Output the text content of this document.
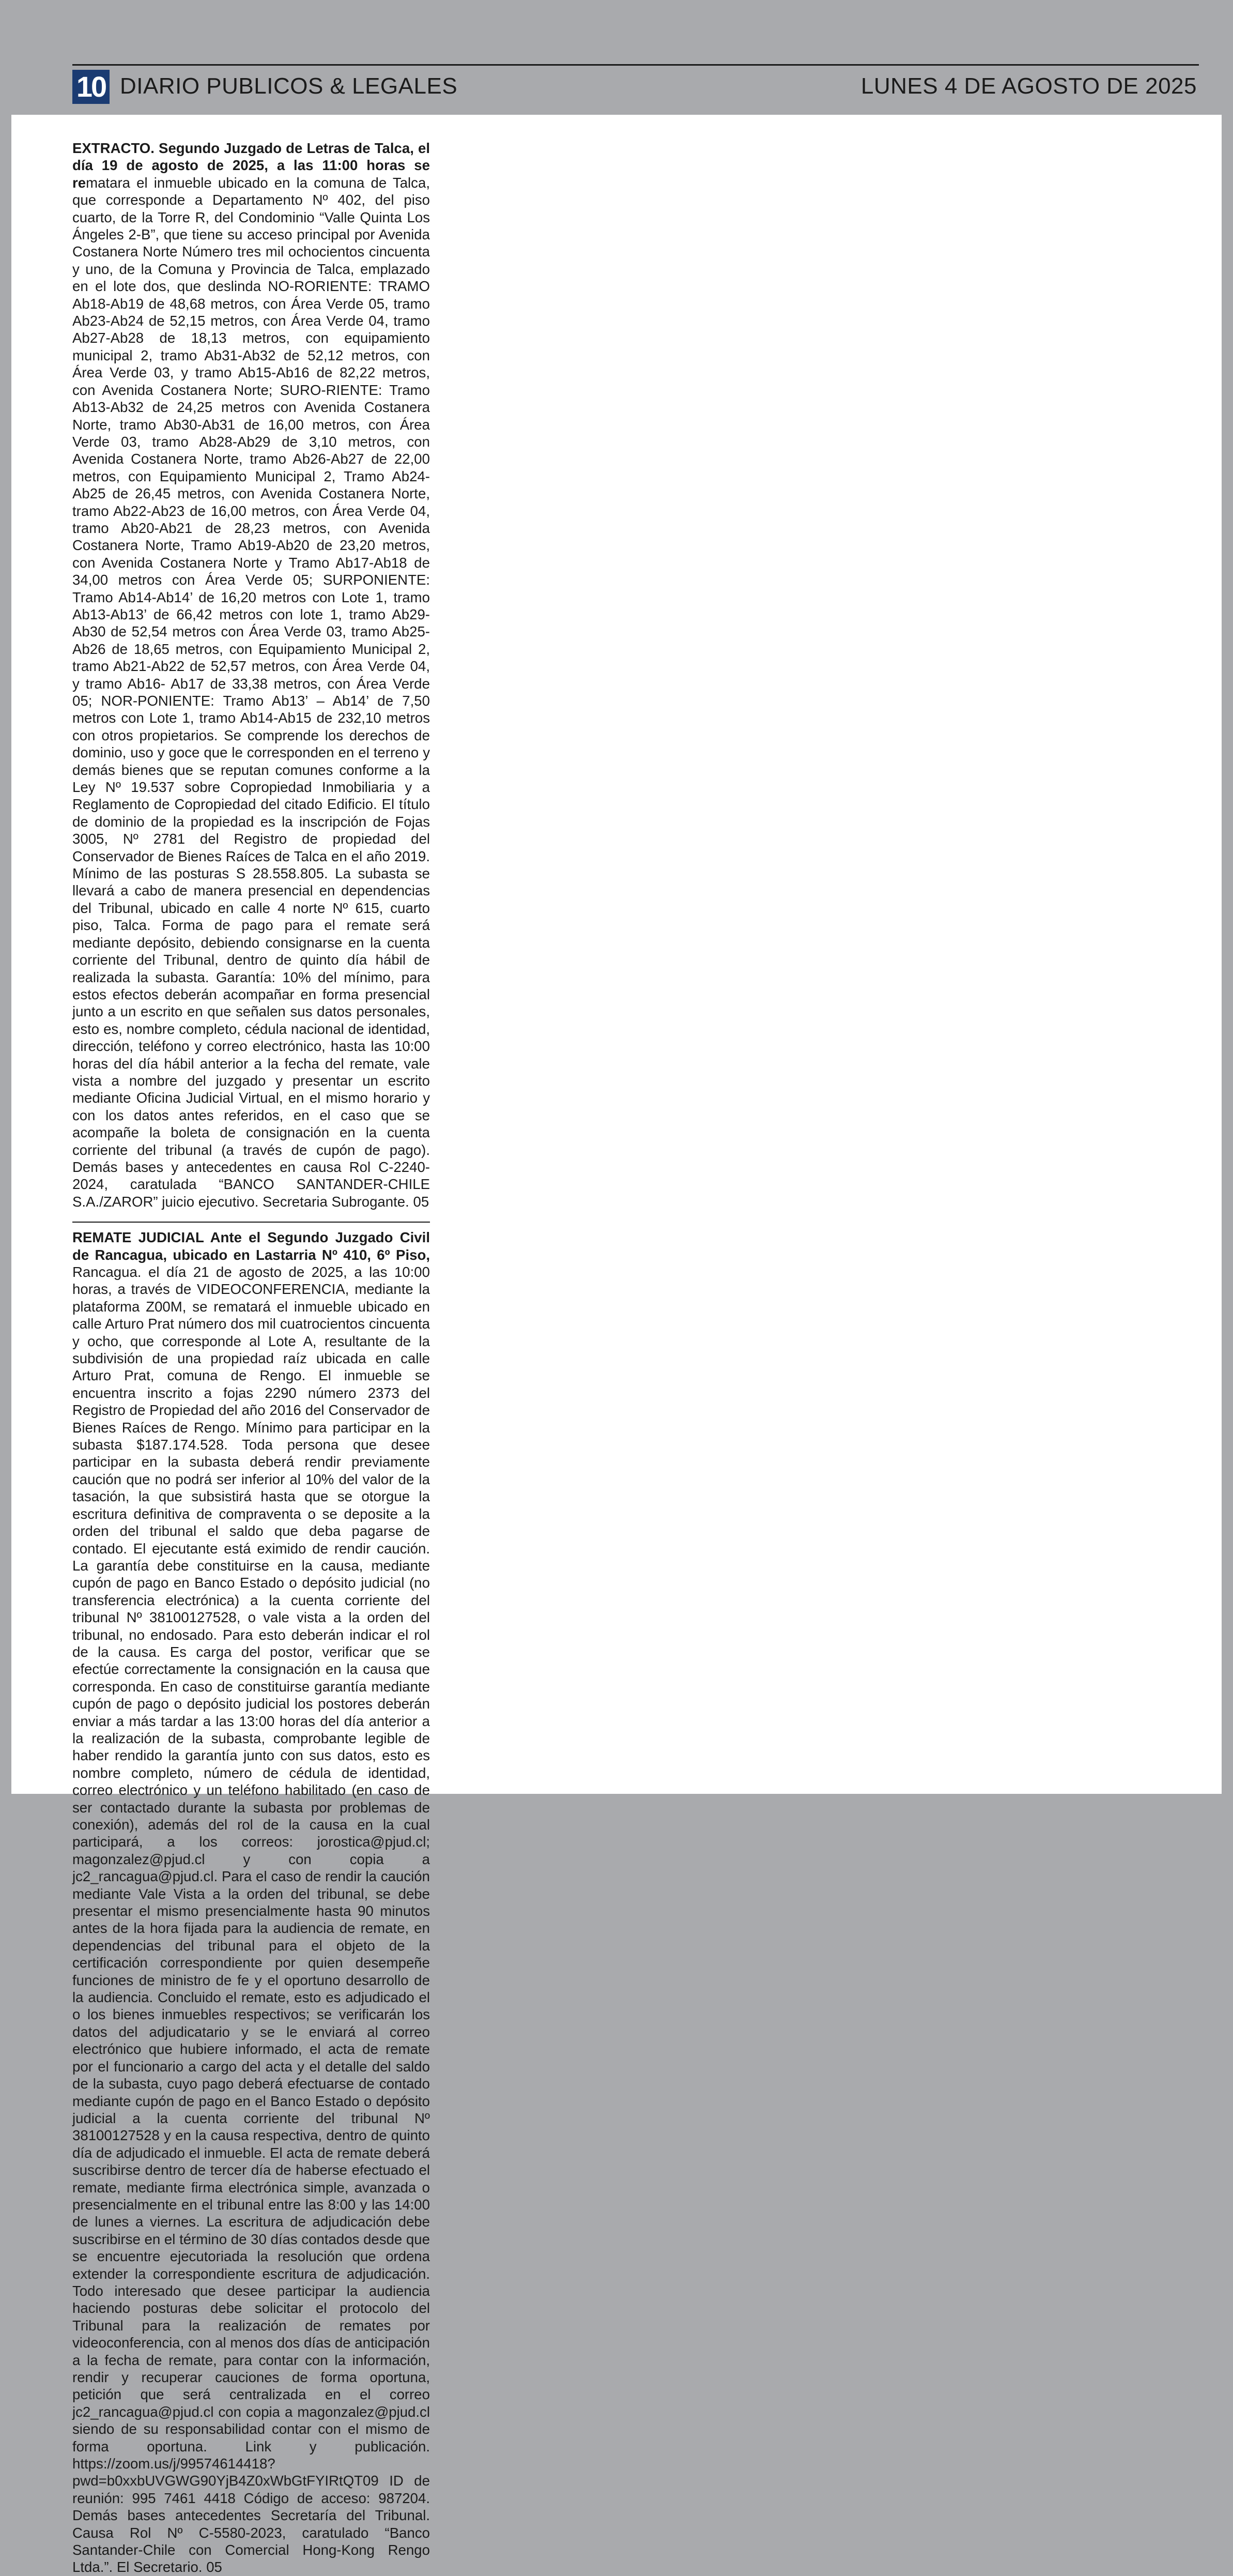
10 DIARIO PUBLICOS & LEGALES	LUNES 4 DE AGOSTO DE 2025

EXTRACTO. Segundo Juzgado de Letras de Talca, el día 19 de agosto de 2025, a las 11:00 horas se rematara el inmueble ubicado en la comuna de Talca, que corresponde a Departamento Nº 402, del piso cuarto, de la Torre R, del Condominio “Valle Quinta Los Ángeles 2-B”, que tiene su acceso principal por Avenida Costanera Norte Número tres mil ochocientos cincuenta y uno, de la Comuna y Provincia de Talca, emplazado en el lote dos, que deslinda NO-RORIENTE: TRAMO Ab18-Ab19 de 48,68 metros, con Área Verde 05, tramo Ab23-Ab24 de 52,15 metros, con Área Verde 04, tramo Ab27-Ab28 de 18,13 metros, con equipamiento municipal 2, tramo Ab31-Ab32 de 52,12 metros, con Área Verde 03, y tramo Ab15-Ab16 de 82,22 metros, con Avenida Costanera Norte; SURO-RIENTE: Tramo Ab13-Ab32 de 24,25 metros con Avenida Costanera Norte, tramo Ab30-Ab31 de 16,00 metros, con Área Verde 03, tramo Ab28-Ab29 de 3,10 metros, con Avenida Costanera Norte, tramo Ab26-Ab27 de 22,00 metros, con Equipamiento Municipal 2, Tramo Ab24-Ab25 de 26,45 metros, con Avenida Costanera Norte, tramo Ab22-Ab23 de 16,00 metros, con Área Verde 04, tramo Ab20-Ab21 de 28,23 metros, con Avenida Costanera Norte, Tramo Ab19-Ab20 de 23,20 metros, con Avenida Costanera Norte y Tramo Ab17-Ab18 de 34,00 metros con Área Verde 05; SURPONIENTE: Tramo Ab14-Ab14’ de 16,20 metros con Lote 1, tramo Ab13-Ab13’ de 66,42 metros con lote 1, tramo Ab29-Ab30 de 52,54 metros con Área Verde 03, tramo Ab25-Ab26 de 18,65 metros, con Equipamiento Municipal 2, tramo Ab21-Ab22 de 52,57 metros, con Área Verde 04, y tramo Ab16- Ab17 de 33,38 metros, con Área Verde 05; NOR-PONIENTE: Tramo Ab13’ – Ab14’ de 7,50 metros con Lote 1, tramo Ab14-Ab15 de 232,10 metros con otros propietarios. Se comprende los derechos de dominio, uso y goce que le corresponden en el terreno y demás bienes que se reputan comunes conforme a la Ley Nº 19.537 sobre Copropiedad Inmobiliaria y a Reglamento de Copropiedad del citado Edificio. El título de dominio de la propiedad es la inscripción de Fojas 3005, Nº 2781 del Registro de propiedad del Conservador de Bienes Raíces de Talca en el año 2019. Mínimo de las posturas S 28.558.805. La subasta se llevará a cabo de manera presencial en dependencias del Tribunal, ubicado en calle 4 norte Nº 615, cuarto piso, Talca. Forma de pago para el remate será mediante depósito, debiendo consignarse en la cuenta corriente del Tribunal, dentro de quinto día hábil de realizada la subasta. Garantía: 10% del mínimo, para estos efectos deberán acompañar en forma presencial junto a un escrito en que señalen sus datos personales, esto es, nombre completo, cédula nacional de identidad, dirección, teléfono y correo electrónico, hasta las 10:00 horas del día hábil anterior a la fecha del remate, vale vista a nombre del juzgado y presentar un escrito mediante Oficina Judicial Virtual, en el mismo horario y con los datos antes referidos, en el caso que se acompañe la boleta de consignación en la cuenta corriente del tribunal (a través de cupón de pago). Demás bases y antecedentes en causa Rol C-2240-2024, caratulada “BANCO SANTANDER-CHILE S.A./ZAROR” juicio ejecutivo. Secretaria Subrogante. 05

REMATE JUDICIAL Ante el Segundo Juzgado Civil de Rancagua, ubicado en Lastarria Nº 410, 6º Piso, Rancagua. el día 21 de agosto de 2025, a las 10:00 horas, a través de VIDEOCONFERENCIA, mediante la plataforma Z00M, se rematará el inmueble ubicado en calle Arturo Prat número dos mil cuatrocientos cincuenta y ocho, que corresponde al Lote A, resultante de la subdivisión de una propiedad raíz ubicada en calle Arturo Prat, comuna de Rengo. El inmueble se encuentra inscrito a fojas 2290 número 2373 del Registro de Propiedad del año 2016 del Conservador de Bienes Raíces de Rengo. Mínimo para participar en la subasta $187.174.528. Toda persona que desee participar en la subasta deberá rendir previamente caución que no podrá ser inferior al 10% del valor de la tasación, la que subsistirá hasta que se otorgue la escritura definitiva de compraventa o se deposite a la orden del tribunal el saldo que deba pagarse de contado. El ejecutante está eximido de rendir caución. La garantía debe constituirse en la causa, mediante cupón de pago en Banco Estado o depósito judicial (no transferencia electrónica) a la cuenta corriente del tribunal Nº 38100127528, o vale vista a la orden del tribunal, no endosado. Para esto deberán indicar el rol de la causa. Es carga del postor, verificar que se efectúe correctamente la consignación en la causa que corresponda. En caso de constituirse garantía mediante cupón de pago o depósito judicial los postores deberán enviar a más tardar a las 13:00 horas del día anterior a la realización de la subasta, comprobante legible de haber rendido la garantía junto con sus datos, esto es nombre completo, número de cédula de identidad, correo electrónico y un teléfono habilitado (en caso de ser contactado durante la subasta por problemas de conexión), además del rol de la causa en la cual participará, a los correos: jorostica@pjud.cl; magonzalez@pjud.cl y con copia a jc2_rancagua@pjud.cl. Para el caso de rendir la caución mediante Vale Vista a la orden del tribunal, se debe presentar el mismo presencialmente hasta 90 minutos antes de la hora fijada para la audiencia de remate, en dependencias del tribunal para el objeto de la certificación correspondiente por quien desempeñe funciones de ministro de fe y el oportuno desarrollo de la audiencia. Concluido el remate, esto es adjudicado el o los bienes inmuebles respectivos; se verificarán los datos del adjudicatario y se le enviará al correo electrónico que hubiere informado, el acta de remate por el funcionario a cargo del acta y el detalle del saldo de la subasta, cuyo pago deberá efectuarse de contado mediante cupón de pago en el Banco Estado o depósito judicial a la cuenta corriente del tribunal Nº 38100127528 y en la causa respectiva, dentro de quinto día de adjudicado el inmueble. El acta de remate deberá suscribirse dentro de tercer día de haberse efectuado el remate, mediante firma electrónica simple, avanzada o presencialmente en el tribunal entre las 8:00 y las 14:00 de lunes a viernes. La escritura de adjudicación debe suscribirse en el término de 30 días contados desde que se encuentre ejecutoriada la resolución que ordena extender la correspondiente escritura de adjudicación. Todo interesado que desee participar la audiencia haciendo posturas debe solicitar el protocolo del Tribunal para la realización de remates por videoconferencia, con al menos dos días de anticipación a la fecha de remate, para contar con la información, rendir y recuperar cauciones de forma oportuna, petición que será centralizada en el correo jc2_rancagua@pjud.cl con copia a magonzalez@pjud.cl siendo de su responsabilidad contar con el mismo de forma oportuna. Link y publicación. https://zoom.us/j/99574614418?pwd=b0xxbUVGWG90YjB4Z0xWbGtFYIRtQT09 ID de reunión: 995 7461 4418 Código de acceso: 987204. Demás bases antecedentes Secretaría del Tribunal. Causa Rol Nº C-5580-2023, caratulado “Banco Santander-Chile con Comercial Hong-Kong Rengo Ltda.”. El Secretario. 05
